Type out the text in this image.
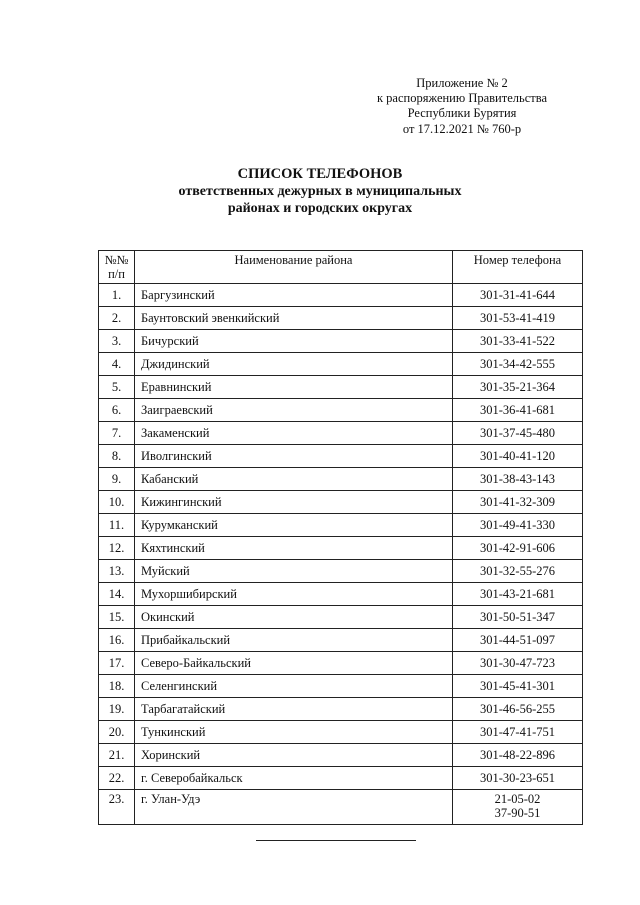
Приложение № 2
к распоряжению Правительства
Республики Бурятия
от 17.12.2021 № 760-р
СПИСОК ТЕЛЕФОНОВ
ответственных дежурных в муниципальных
районах и городских округах
№№
п/п	Наименование района	Номер телефона
1.	Баргузинский	301-31-41-644
2.	Баунтовский эвенкийский	301-53-41-419
3.	Бичурский	301-33-41-522
4.	Джидинский	301-34-42-555
5.	Еравнинский	301-35-21-364
6.	Заиграевский	301-36-41-681
7.	Закаменский	301-37-45-480
8.	Иволгинский	301-40-41-120
9.	Кабанский	301-38-43-143
10.	Кижингинский	301-41-32-309
11.	Курумканский	301-49-41-330
12.	Кяхтинский	301-42-91-606
13.	Муйский	301-32-55-276
14.	Мухоршибирский	301-43-21-681
15.	Окинский	301-50-51-347
16.	Прибайкальский	301-44-51-097
17.	Северо-Байкальский	301-30-47-723
18.	Селенгинский	301-45-41-301
19.	Тарбагатайский	301-46-56-255
20.	Тункинский	301-47-41-751
21.	Хоринский	301-48-22-896
22.	г. Северобайкальск	301-30-23-651
23.	г. Улан-Удэ	21-05-02
37-90-51
